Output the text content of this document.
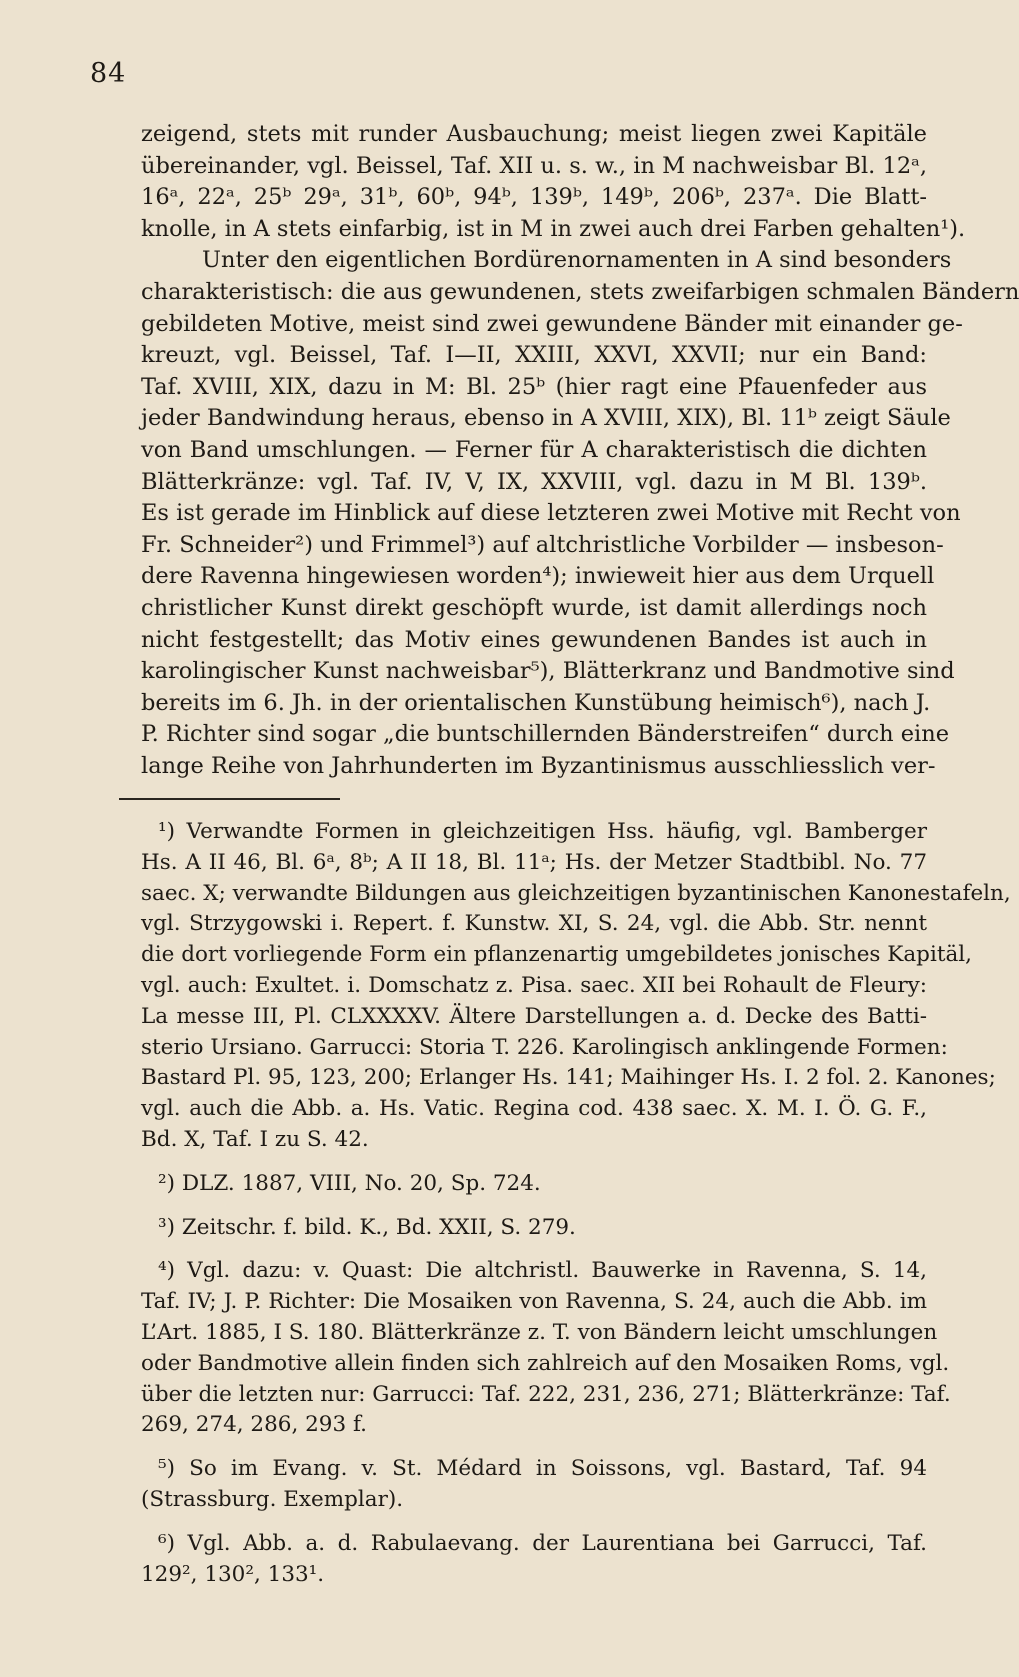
84
zeigend, stets mit runder Ausbauchung; meist liegen zwei Kapitäle
übereinander, vgl. Beissel, Taf. XII u. s. w., in M nachweisbar Bl. 12ᵃ,
16ᵃ, 22ᵃ, 25ᵇ 29ᵃ, 31ᵇ, 60ᵇ, 94ᵇ, 139ᵇ, 149ᵇ, 206ᵇ, 237ᵃ. Die Blatt-
knolle, in A stets einfarbig, ist in M in zwei auch drei Farben gehalten¹).
Unter den eigentlichen Bordürenornamenten in A sind besonders
charakteristisch: die aus gewundenen, stets zweifarbigen schmalen Bändern
gebildeten Motive, meist sind zwei gewundene Bänder mit einander ge-
kreuzt, vgl. Beissel, Taf. I—II, XXIII, XXVI, XXVII; nur ein Band:
Taf. XVIII, XIX, dazu in M: Bl. 25ᵇ (hier ragt eine Pfauenfeder aus
jeder Bandwindung heraus, ebenso in A XVIII, XIX), Bl. 11ᵇ zeigt Säule
von Band umschlungen. — Ferner für A charakteristisch die dichten
Blätterkränze: vgl. Taf. IV, V, IX, XXVIII, vgl. dazu in M Bl. 139ᵇ.
Es ist gerade im Hinblick auf diese letzteren zwei Motive mit Recht von
Fr. Schneider²) und Frimmel³) auf altchristliche Vorbilder — insbeson-
dere Ravenna hingewiesen worden⁴); inwieweit hier aus dem Urquell
christlicher Kunst direkt geschöpft wurde, ist damit allerdings noch
nicht festgestellt; das Motiv eines gewundenen Bandes ist auch in
karolingischer Kunst nachweisbar⁵), Blätterkranz und Bandmotive sind
bereits im 6. Jh. in der orientalischen Kunstübung heimisch⁶), nach J.
P. Richter sind sogar „die buntschillernden Bänderstreifen“ durch eine
lange Reihe von Jahrhunderten im Byzantinismus ausschliesslich ver-
¹) Verwandte Formen in gleichzeitigen Hss. häufig, vgl. Bamberger
Hs. A II 46, Bl. 6ᵃ, 8ᵇ; A II 18, Bl. 11ᵃ; Hs. der Metzer Stadtbibl. No. 77
saec. X; verwandte Bildungen aus gleichzeitigen byzantinischen Kanonestafeln,
vgl. Strzygowski i. Repert. f. Kunstw. XI, S. 24, vgl. die Abb. Str. nennt
die dort vorliegende Form ein pflanzenartig umgebildetes jonisches Kapitäl,
vgl. auch: Exultet. i. Domschatz z. Pisa. saec. XII bei Rohault de Fleury:
La messe III, Pl. CLXXXXV. Ältere Darstellungen a. d. Decke des Batti-
sterio Ursiano. Garrucci: Storia T. 226. Karolingisch anklingende Formen:
Bastard Pl. 95, 123, 200; Erlanger Hs. 141; Maihinger Hs. I. 2 fol. 2. Kanones;
vgl. auch die Abb. a. Hs. Vatic. Regina cod. 438 saec. X. M. I. Ö. G. F.,
Bd. X, Taf. I zu S. 42.
²) DLZ. 1887, VIII, No. 20, Sp. 724.
³) Zeitschr. f. bild. K., Bd. XXII, S. 279.
⁴) Vgl. dazu: v. Quast: Die altchristl. Bauwerke in Ravenna, S. 14,
Taf. IV; J. P. Richter: Die Mosaiken von Ravenna, S. 24, auch die Abb. im
L’Art. 1885, I S. 180. Blätterkränze z. T. von Bändern leicht umschlungen
oder Bandmotive allein finden sich zahlreich auf den Mosaiken Roms, vgl.
über die letzten nur: Garrucci: Taf. 222, 231, 236, 271; Blätterkränze: Taf.
269, 274, 286, 293 f.
⁵) So im Evang. v. St. Médard in Soissons, vgl. Bastard, Taf. 94
(Strassburg. Exemplar).
⁶) Vgl. Abb. a. d. Rabulaevang. der Laurentiana bei Garrucci, Taf.
129², 130², 133¹.
